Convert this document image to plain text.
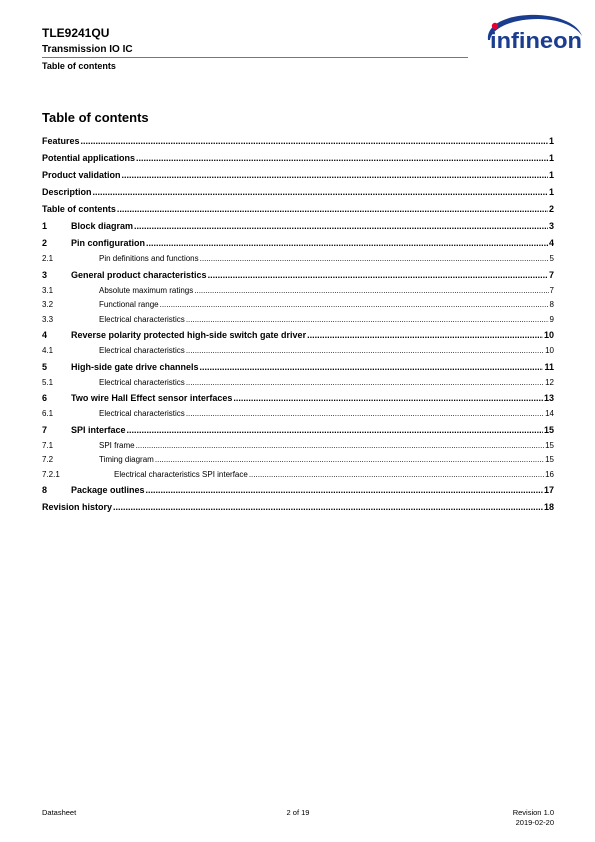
TLE9241QU
Transmission IO IC
Table of contents
infineon
Table of contents
Features .....	1
Potential applications .....	1
Product validation .....	1
Description .....	1
Table of contents .....	2
1	Block diagram .....	3
2	Pin configuration .....	4
2.1	Pin definitions and functions .....	5
3	General product characteristics .....	7
3.1	Absolute maximum ratings .....	7
3.2	Functional range .....	8
3.3	Electrical characteristics .....	9
4	Reverse polarity protected high-side switch gate driver .....	10
4.1	Electrical characteristics .....	10
5	High-side gate drive channels .....	11
5.1	Electrical characteristics .....	12
6	Two wire Hall Effect sensor interfaces .....	13
6.1	Electrical characteristics .....	14
7	SPI interface .....	15
7.1	SPI frame .....	15
7.2	Timing diagram .....	15
7.2.1	Electrical characteristics SPI interface .....	16
8	Package outlines .....	17
Revision history .....	18
Datasheet	2 of 19	Revision 1.0
2019-02-20
